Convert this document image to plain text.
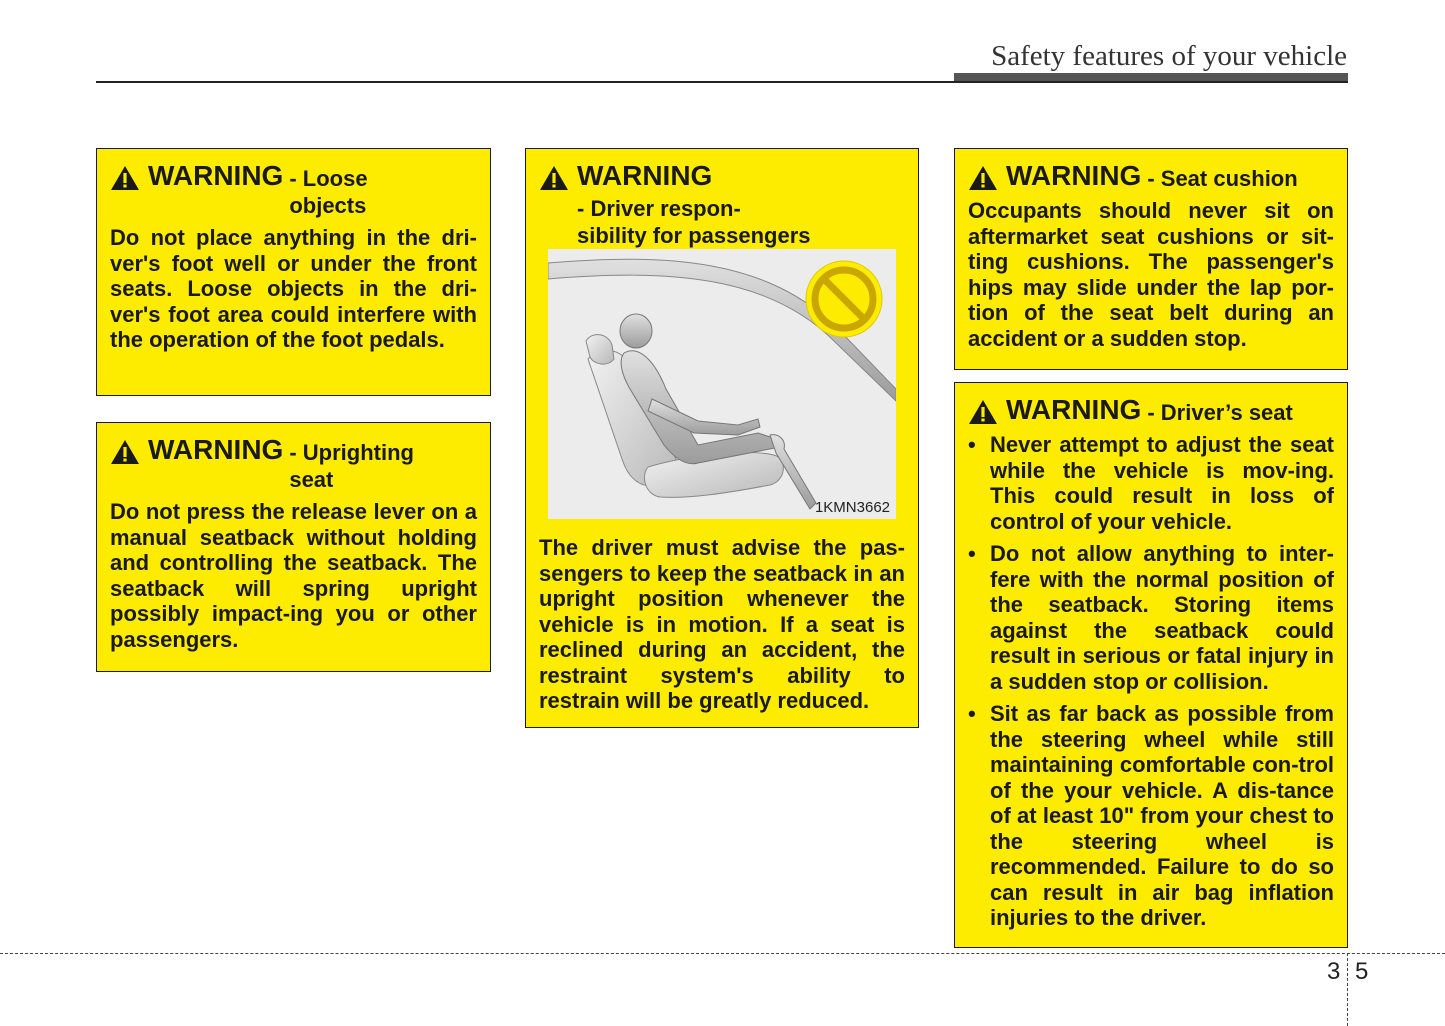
Safety features of your vehicle
WARNING - Loose
objects

Do not place anything in the dri-ver's foot well or under the front seats. Loose objects in the dri-ver's foot area could interfere with the operation of the foot pedals.

WARNING - Uprighting
seat

Do not press the release lever on a manual seatback without holding and controlling the seatback. The seatback will spring upright possibly impact-ing you or other passengers.

WARNING
- Driver respon-
sibility for passengers
1KMN3662

The driver must advise the pas-sengers to keep the seatback in an upright position whenever the vehicle is in motion. If a seat is reclined during an accident, the restraint system's ability to restrain will be greatly reduced.

WARNING - Seat cushion

Occupants should never sit on aftermarket seat cushions or sit-ting cushions. The passenger's hips may slide under the lap por-tion of the seat belt during an accident or a sudden stop.

WARNING - Driver’s seat
• Never attempt to adjust the seat while the vehicle is mov-ing. This could result in loss of control of your vehicle.
• Do not allow anything to inter-fere with the normal position of the seatback. Storing items against the seatback could result in serious or fatal injury in a sudden stop or collision.
• Sit as far back as possible from the steering wheel while still maintaining comfortable con-trol of the your vehicle. A dis-tance of at least 10" from your chest to the steering wheel is recommended. Failure to do so can result in air bag inflation injuries to the driver.
3 5
